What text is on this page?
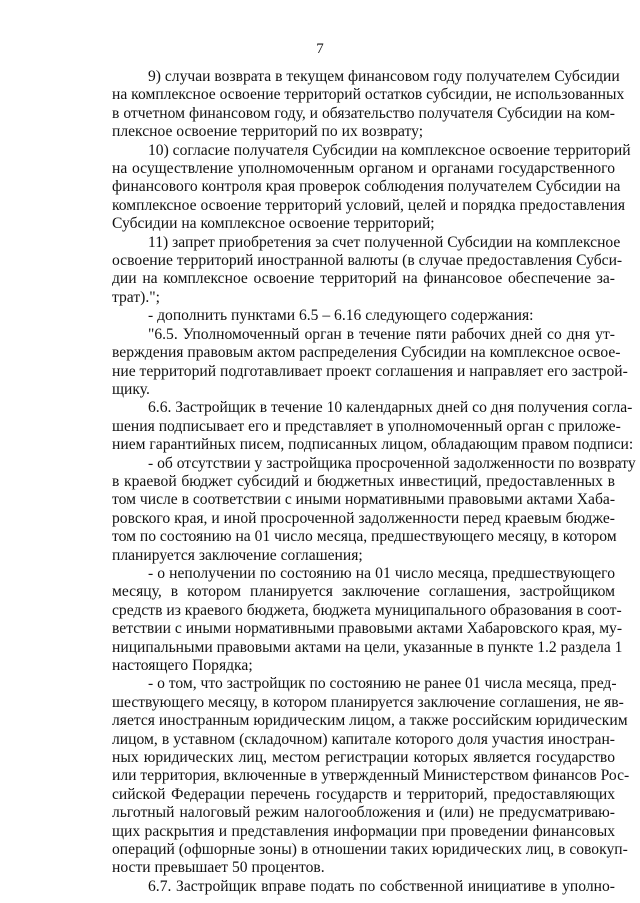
7
9) случаи возврата в текущем финансовом году получателем Субсидии
на комплексное освоение территорий остатков субсидии, не использованных
в отчетном финансовом году, и обязательство получателя Субсидии на ком-
плексное освоение территорий по их возврату;
10) согласие получателя Субсидии на комплексное освоение территорий
на осуществление уполномоченным органом и органами государственного
финансового контроля края проверок соблюдения получателем Субсидии на
комплексное освоение территорий условий, целей и порядка предоставления
Субсидии на комплексное освоение территорий;
11) запрет приобретения за счет полученной Субсидии на комплексное
освоение территорий иностранной валюты (в случае предоставления Субси-
дии на комплексное освоение территорий на финансовое обеспечение за-
трат).";
- дополнить пунктами 6.5 – 6.16 следующего содержания:
"6.5. Уполномоченный орган в течение пяти рабочих дней со дня ут-
верждения правовым актом распределения Субсидии на комплексное освое-
ние территорий подготавливает проект соглашения и направляет его застрой-
щику.
6.6. Застройщик в течение 10 календарных дней со дня получения согла-
шения подписывает его и представляет в уполномоченный орган с приложе-
нием гарантийных писем, подписанных лицом, обладающим правом подписи:
- об отсутствии у застройщика просроченной задолженности по возврату
в краевой бюджет субсидий и бюджетных инвестиций, предоставленных в
том числе в соответствии с иными нормативными правовыми актами Хаба-
ровского края, и иной просроченной задолженности перед краевым бюдже-
том по состоянию на 01 число месяца, предшествующего месяцу, в котором
планируется заключение соглашения;
- о неполучении по состоянию на 01 число месяца, предшествующего
месяцу, в котором планируется заключение соглашения, застройщиком
средств из краевого бюджета, бюджета муниципального образования в соот-
ветствии с иными нормативными правовыми актами Хабаровского края, му-
ниципальными правовыми актами на цели, указанные в пункте 1.2 раздела 1
настоящего Порядка;
- о том, что застройщик по состоянию не ранее 01 числа месяца, пред-
шествующего месяцу, в котором планируется заключение соглашения, не яв-
ляется иностранным юридическим лицом, а также российским юридическим
лицом, в уставном (складочном) капитале которого доля участия иностран-
ных юридических лиц, местом регистрации которых является государство
или территория, включенные в утвержденный Министерством финансов Рос-
сийской Федерации перечень государств и территорий, предоставляющих
льготный налоговый режим налогообложения и (или) не предусматриваю-
щих раскрытия и представления информации при проведении финансовых
операций (офшорные зоны) в отношении таких юридических лиц, в совокуп-
ности превышает 50 процентов.
6.7. Застройщик вправе подать по собственной инициативе в уполно-
